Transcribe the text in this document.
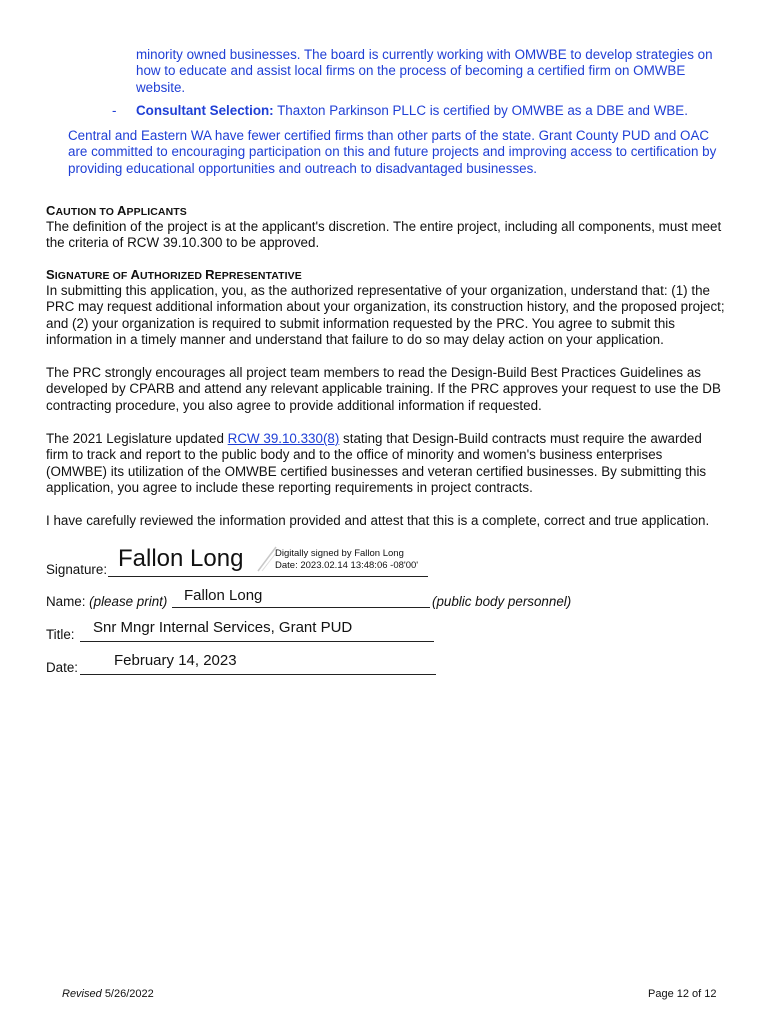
minority owned businesses. The board is currently working with OMWBE to develop strategies on how to educate and assist local firms on the process of becoming a certified firm on OMWBE website.

- Consultant Selection: Thaxton Parkinson PLLC is certified by OMWBE as a DBE and WBE.

Central and Eastern WA have fewer certified firms than other parts of the state. Grant County PUD and OAC are committed to encouraging participation on this and future projects and improving access to certification by providing educational opportunities and outreach to disadvantaged businesses.

CAUTION TO APPLICANTS

The definition of the project is at the applicant's discretion. The entire project, including all components, must meet the criteria of RCW 39.10.300 to be approved.

SIGNATURE OF AUTHORIZED REPRESENTATIVE

In submitting this application, you, as the authorized representative of your organization, understand that: (1) the PRC may request additional information about your organization, its construction history, and the proposed project; and (2) your organization is required to submit information requested by the PRC. You agree to submit this information in a timely manner and understand that failure to do so may delay action on your application.

The PRC strongly encourages all project team members to read the Design-Build Best Practices Guidelines as developed by CPARB and attend any relevant applicable training. If the PRC approves your request to use the DB contracting procedure, you also agree to provide additional information if requested.

The 2021 Legislature updated RCW 39.10.330(8) stating that Design-Build contracts must require the awarded firm to track and report to the public body and to the office of minority and women's business enterprises (OMWBE) its utilization of the OMWBE certified businesses and veteran certified businesses. By submitting this application, you agree to include these reporting requirements in project contracts.

I have carefully reviewed the information provided and attest that this is a complete, correct and true application.

Signature: Fallon Long	Digitally signed by Fallon Long
Date: 2023.02.14 13:48:06 -08'00'
Name: (please print) Fallon Long	(public body personnel)
Title: Snr Mngr Internal Services, Grant PUD
Date: February 14, 2023
Revised 5/26/2022	Page 12 of 12
